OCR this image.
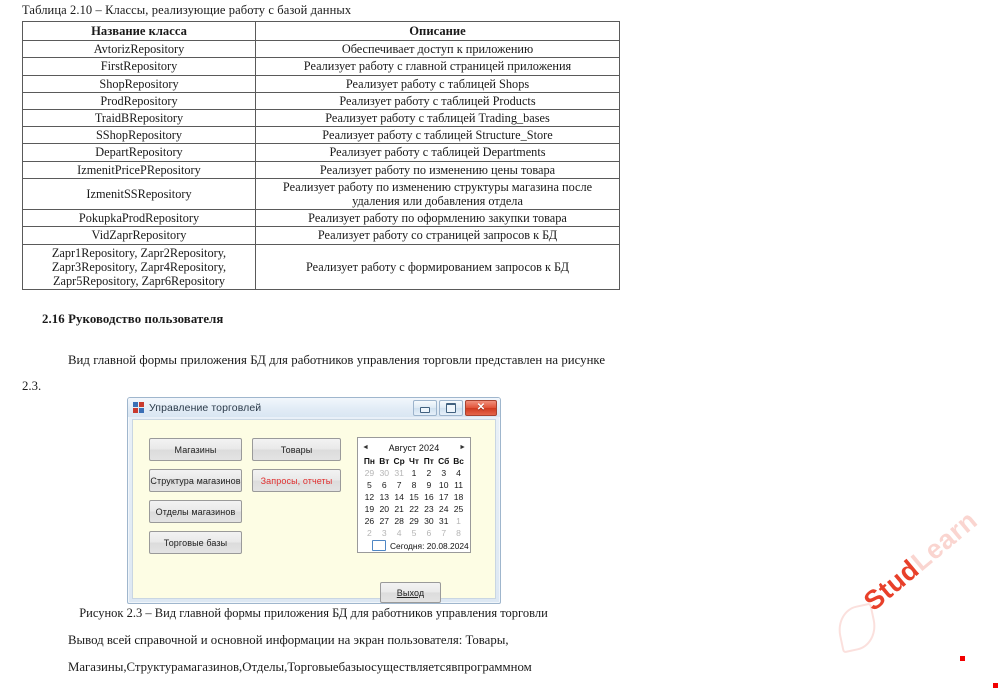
Таблица 2.10 – Классы, реализующие работу с базой данных
Название класса	Описание
AvtorizRepository	Обеспечивает доступ к приложению
FirstRepository	Реализует работу с главной страницей приложения
ShopRepository	Реализует работу с таблицей Shops
ProdRepository	Реализует работу с таблицей Products
TraidBRepository	Реализует работу с таблицей Trading_bases
SShopRepository	Реализует работу с таблицей Structure_Store
DepartRepository	Реализует работу с таблицей Departments
IzmenitPricePRepository	Реализует работу по изменению цены товара
IzmenitSSRepository	Реализует работу по изменению структуры магазина после удаления или добавления отдела
PokupkaProdRepository	Реализует работу по оформлению закупки товара
VidZaprRepository	Реализует работу со страницей запросов к БД
Zapr1Repository, Zapr2Repository, Zapr3Repository, Zapr4Repository, Zapr5Repository, Zapr6Repository	Реализует работу с формированием запросов к БД
2.16 Руководство пользователя
Вид главной формы приложения БД для работников управления торговли представлен на рисунке 2.3.
Управление торговлей	✕
Магазины
Структура магазинов
Отделы магазинов
Торговые базы
Товары
Запросы, отчеты
Выход
◄ Август 2024	►
Пн Вт Ср Чт Пт Сб Вс
29 30 31 1	2	3	4
5	6	7	8	9 10 11
12 13 14 15 16 17 18
19 20 21 22 23 24 25
26 27 28 29 30 31 1
2	3	4	5	6	7	8
Сегодня: 20.08.2024
Рисунок 2.3 – Вид главной формы приложения БД для работников управления торговли
Вывод всей справочной и основной информации на экран пользователя: Товары,
Магазины,Структурамагазинов,Отделы,Торговыебазыосуществляетсявпрограммном
StudLearn
